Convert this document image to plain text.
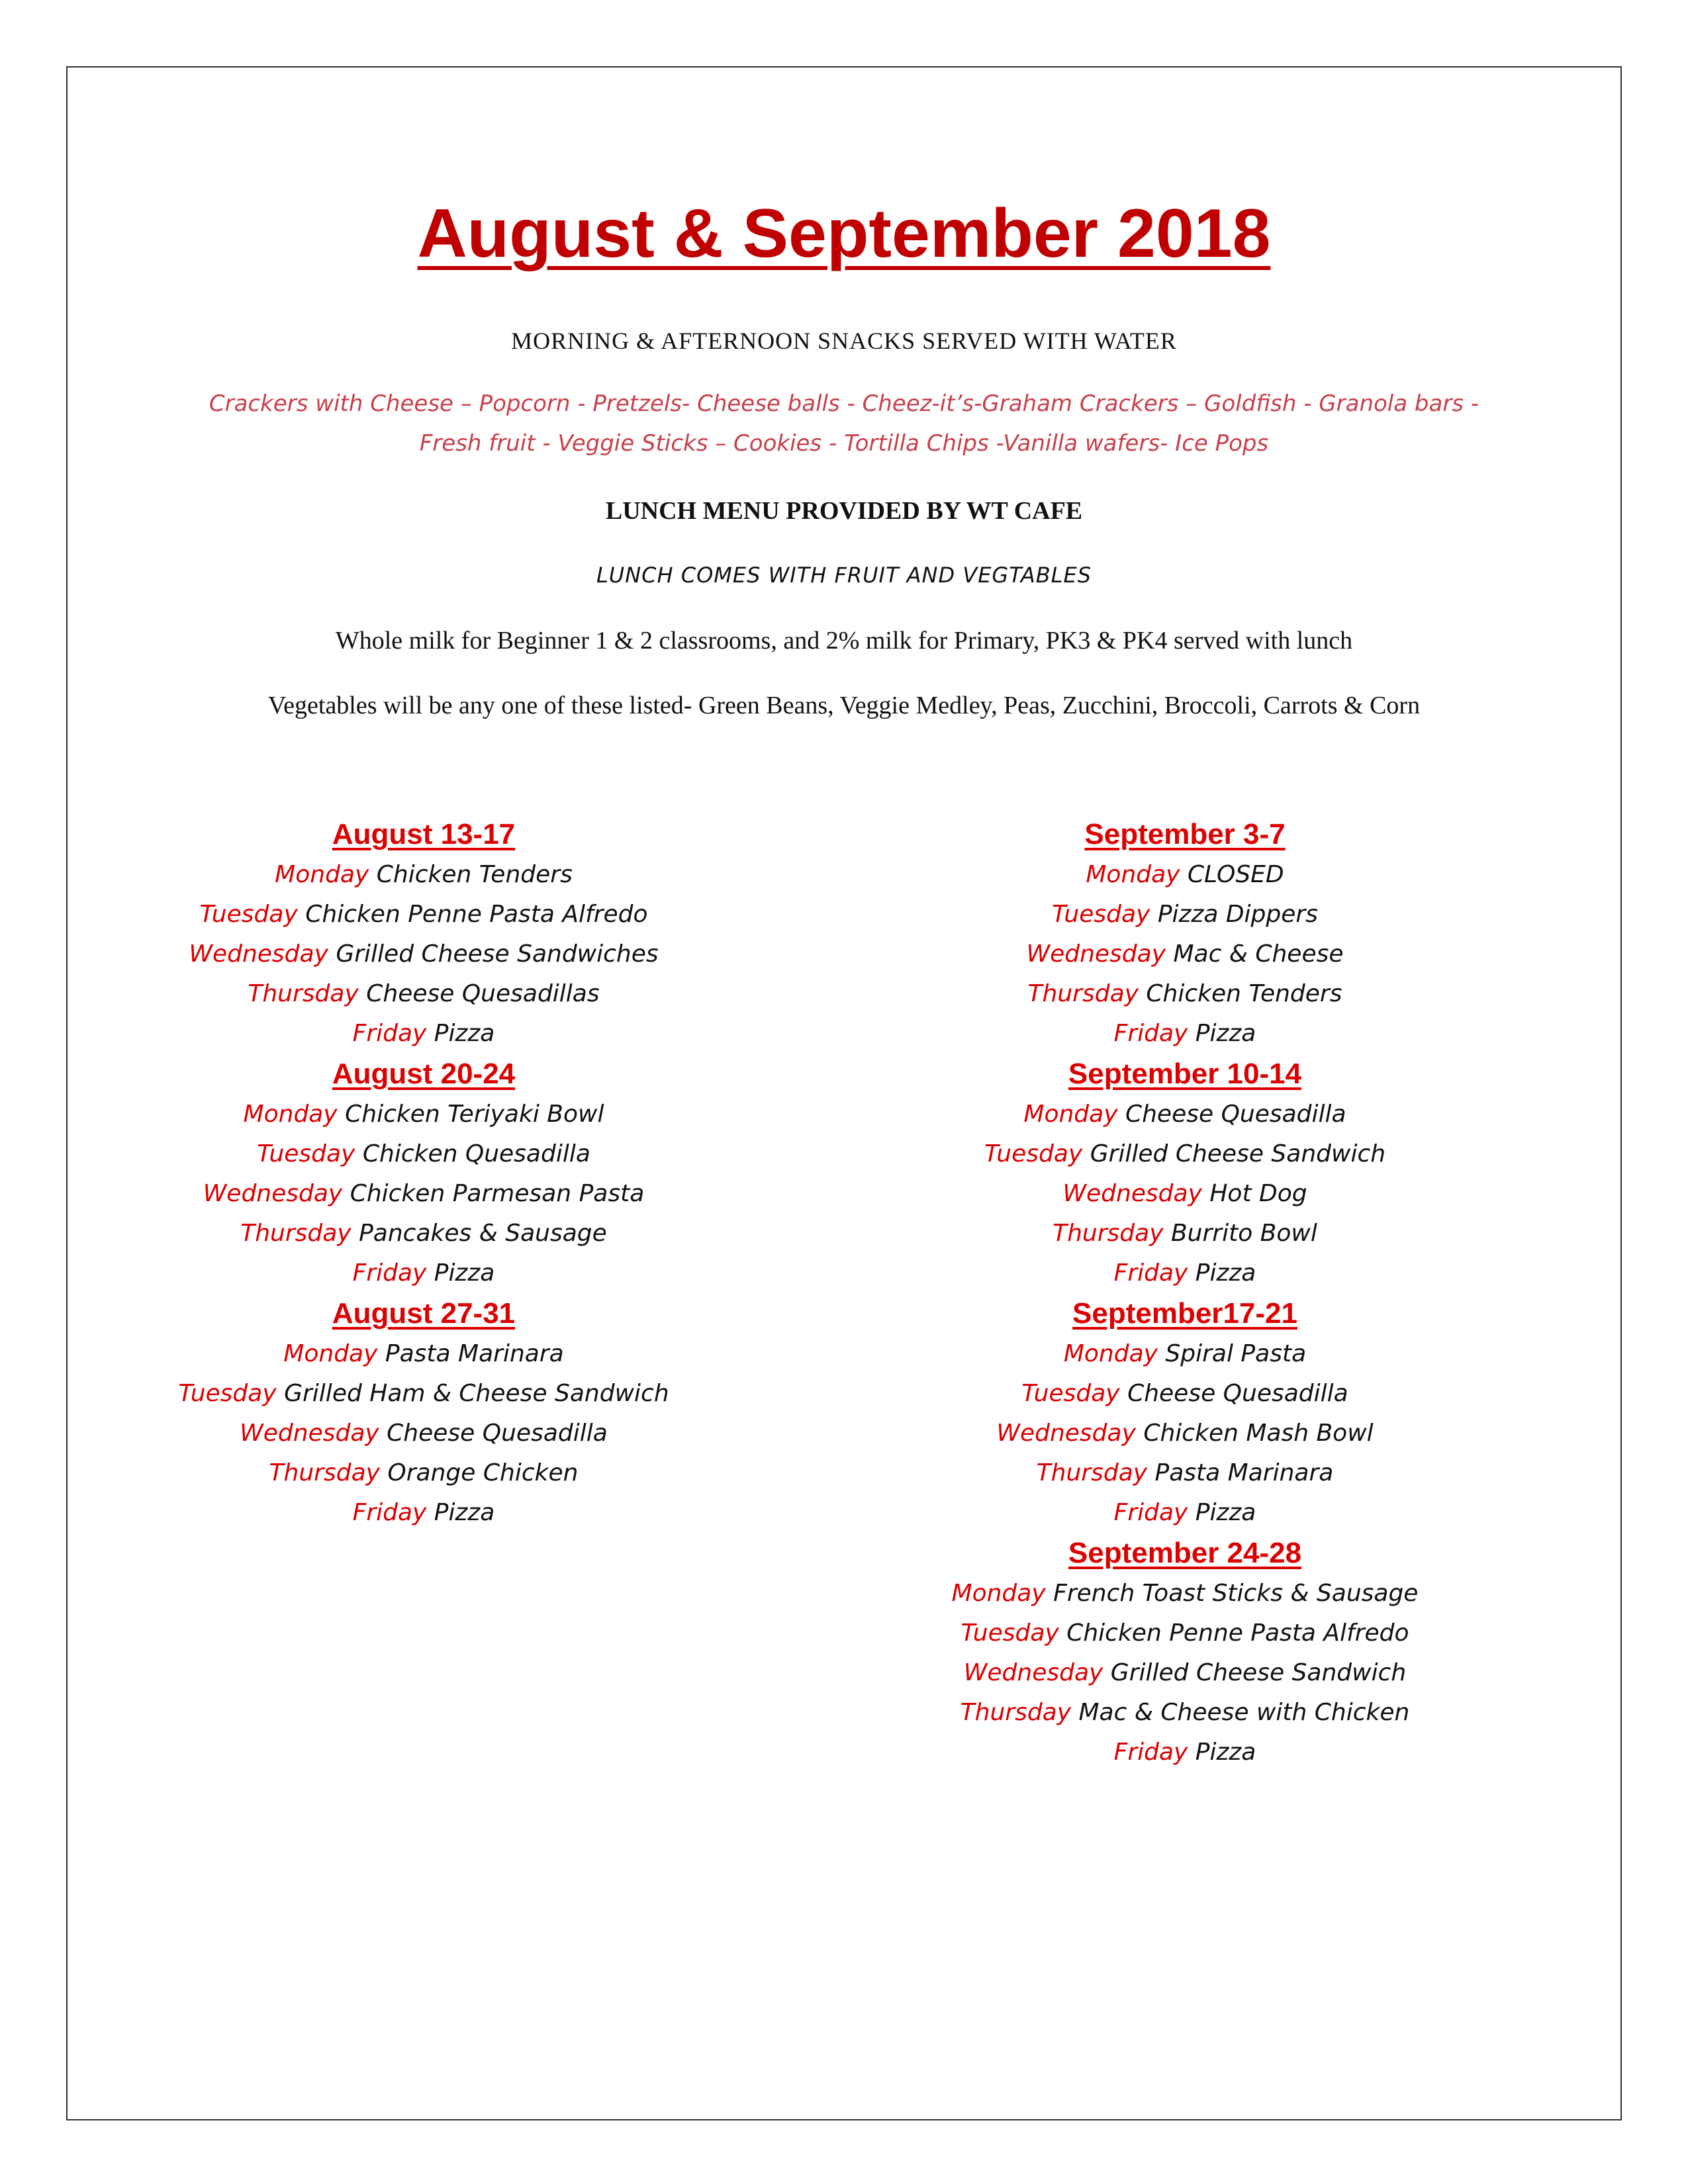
August & September 2018
MORNING & AFTERNOON SNACKS SERVED WITH WATER
Crackers with Cheese – Popcorn - Pretzels- Cheese balls - Cheez-it’s-Graham Crackers – Goldfish - Granola bars -
Fresh fruit - Veggie Sticks – Cookies - Tortilla Chips -Vanilla wafers- Ice Pops
LUNCH MENU PROVIDED BY WT CAFE
LUNCH COMES WITH FRUIT AND VEGTABLES
Whole milk for Beginner 1 & 2 classrooms, and 2% milk for Primary, PK3 & PK4 served with lunch
Vegetables will be any one of these listed- Green Beans, Veggie Medley, Peas, Zucchini, Broccoli, Carrots & Corn
August 13-17
Monday Chicken Tenders
Tuesday Chicken Penne Pasta Alfredo
Wednesday Grilled Cheese Sandwiches
Thursday Cheese Quesadillas
Friday Pizza
August 20-24
Monday Chicken Teriyaki Bowl
Tuesday Chicken Quesadilla
Wednesday Chicken Parmesan Pasta
Thursday Pancakes & Sausage
Friday Pizza
August 27-31
Monday Pasta Marinara
Tuesday Grilled Ham & Cheese Sandwich
Wednesday Cheese Quesadilla
Thursday Orange Chicken
Friday Pizza
September 3-7
Monday CLOSED
Tuesday Pizza Dippers
Wednesday Mac & Cheese
Thursday Chicken Tenders
Friday Pizza
September 10-14
Monday Cheese Quesadilla
Tuesday Grilled Cheese Sandwich
Wednesday Hot Dog
Thursday Burrito Bowl
Friday Pizza
September17-21
Monday Spiral Pasta
Tuesday Cheese Quesadilla
Wednesday Chicken Mash Bowl
Thursday Pasta Marinara
Friday Pizza
September 24-28
Monday French Toast Sticks & Sausage
Tuesday Chicken Penne Pasta Alfredo
Wednesday Grilled Cheese Sandwich
Thursday Mac & Cheese with Chicken
Friday Pizza
